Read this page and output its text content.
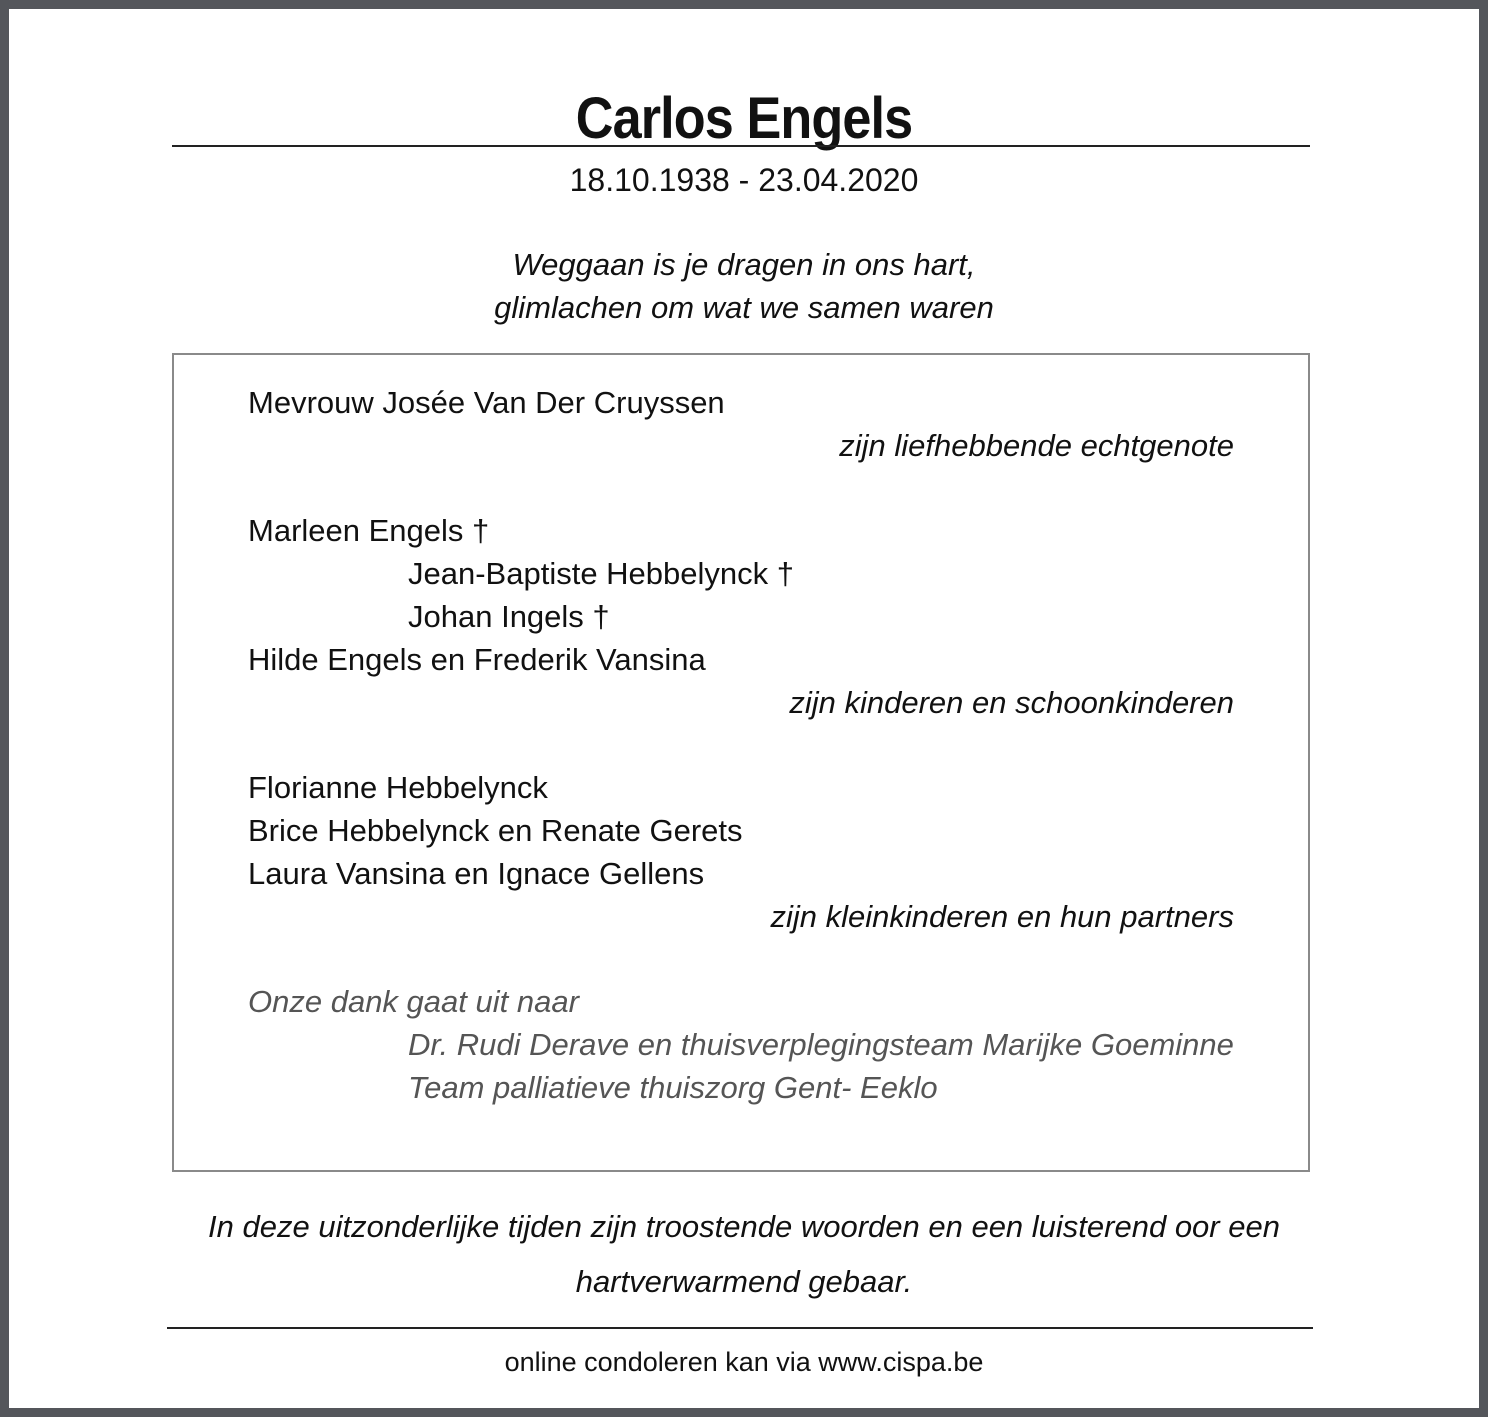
Carlos Engels
18.10.1938 - 23.04.2020
Weggaan is je dragen in ons hart,
glimlachen om wat we samen waren
Mevrouw Josée Van Der Cruyssen
zijn liefhebbende echtgenote
Marleen Engels †
Jean-Baptiste Hebbelynck †
Johan Ingels †
Hilde Engels en Frederik Vansina
zijn kinderen en schoonkinderen
Florianne Hebbelynck
Brice Hebbelynck en Renate Gerets
Laura Vansina en Ignace Gellens
zijn kleinkinderen en hun partners
Onze dank gaat uit naar
Dr. Rudi Derave en thuisverplegingsteam Marijke Goeminne
Team palliatieve thuiszorg Gent- Eeklo
In deze uitzonderlijke tijden zijn troostende woorden en een luisterend oor een
hartverwarmend gebaar.
online condoleren kan via www.cispa.be
